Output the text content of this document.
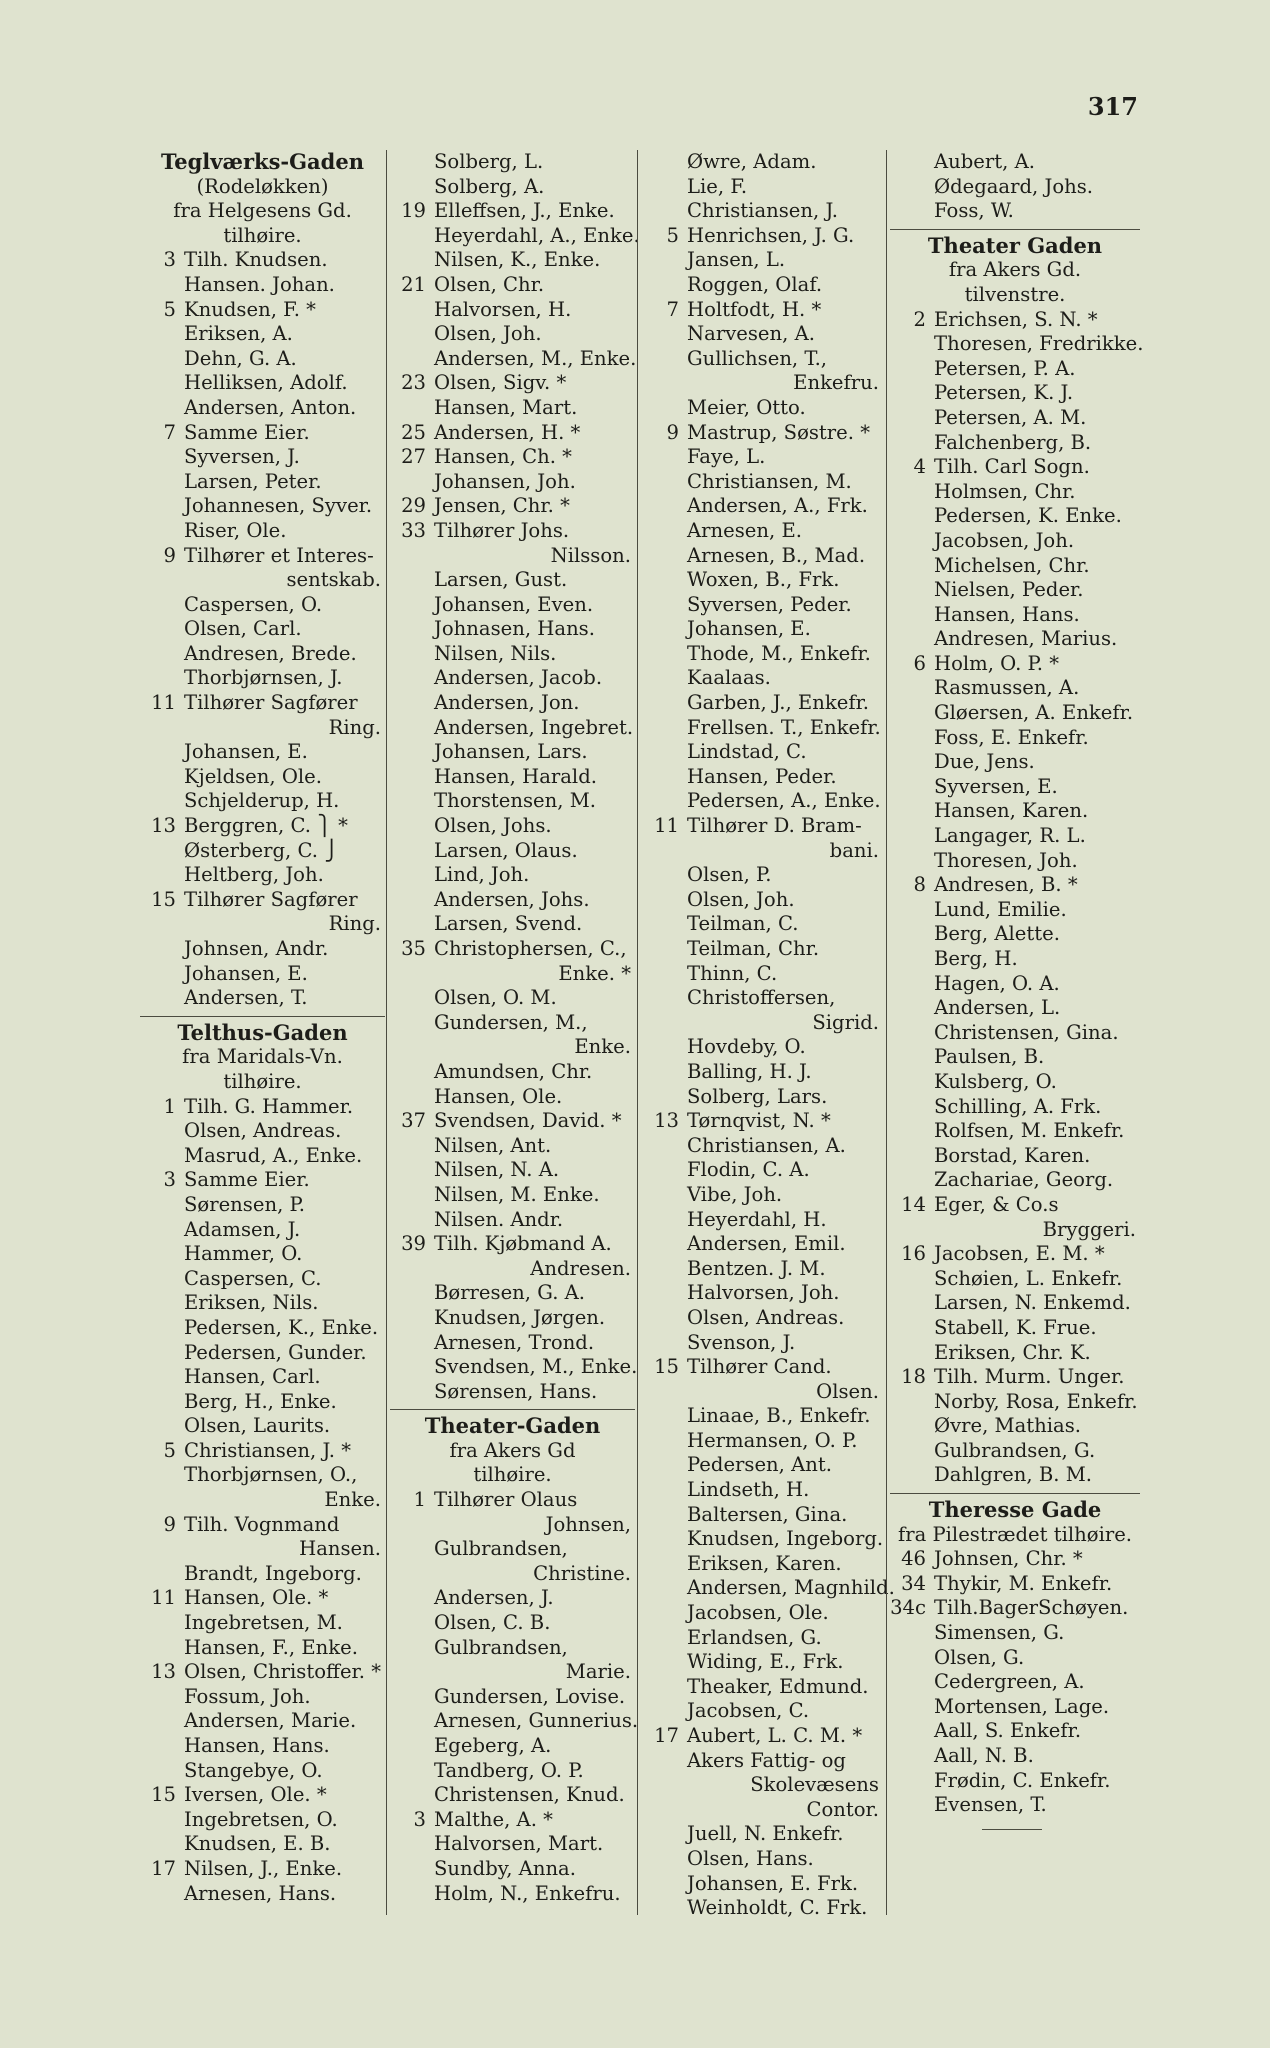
317
Teglværks-Gaden
(Rodeløkken)
fra Helgesens Gd.
tilhøire.
3 Tilh. Knudsen.
Hansen. Johan.
5 Knudsen, F. *
Eriksen, A.
Dehn, G. A.
Helliksen, Adolf.
Andersen, Anton.
7 Samme Eier.
Syversen, J.
Larsen, Peter.
Johannesen, Syver.
Riser, Ole.
9 Tilhører et Interes-
sentskab.
Caspersen, O.
Olsen, Carl.
Andresen, Brede.
Thorbjørnsen, J.
11 Tilhører Sagfører
Ring.
Johansen, E.
Kjeldsen, Ole.
Schjelderup, H.
13 Berggren, C. ⎫ *
Østerberg, C. ⎭
Heltberg, Joh.
15 Tilhører Sagfører
Ring.
Johnsen, Andr.
Johansen, E.
Andersen, T.
Telthus-Gaden
fra Maridals-Vn.
tilhøire.
1 Tilh. G. Hammer.
Olsen, Andreas.
Masrud, A., Enke.
3 Samme Eier.
Sørensen, P.
Adamsen, J.
Hammer, O.
Caspersen, C.
Eriksen, Nils.
Pedersen, K., Enke.
Pedersen, Gunder.
Hansen, Carl.
Berg, H., Enke.
Olsen, Laurits.
5 Christiansen, J. *
Thorbjørnsen, O.,
Enke.
9 Tilh. Vognmand
Hansen.
Brandt, Ingeborg.
11 Hansen, Ole. *
Ingebretsen, M.
Hansen, F., Enke.
13 Olsen, Christoffer. *
Fossum, Joh.
Andersen, Marie.
Hansen, Hans.
Stangebye, O.
15 Iversen, Ole. *
Ingebretsen, O.
Knudsen, E. B.
17 Nilsen, J., Enke.
Arnesen, Hans.
Solberg, L.
Solberg, A.
19 Elleffsen, J., Enke.
Heyerdahl, A., Enke.
Nilsen, K., Enke.
21 Olsen, Chr.
Halvorsen, H.
Olsen, Joh.
Andersen, M., Enke.
23 Olsen, Sigv. *
Hansen, Mart.
25 Andersen, H. *
27 Hansen, Ch. *
Johansen, Joh.
29 Jensen, Chr. *
33 Tilhører Johs.
Nilsson.
Larsen, Gust.
Johansen, Even.
Johnasen, Hans.
Nilsen, Nils.
Andersen, Jacob.
Andersen, Jon.
Andersen, Ingebret.
Johansen, Lars.
Hansen, Harald.
Thorstensen, M.
Olsen, Johs.
Larsen, Olaus.
Lind, Joh.
Andersen, Johs.
Larsen, Svend.
35 Christophersen, C.,
Enke. *
Olsen, O. M.
Gundersen, M.,
Enke.
Amundsen, Chr.
Hansen, Ole.
37 Svendsen, David. *
Nilsen, Ant.
Nilsen, N. A.
Nilsen, M. Enke.
Nilsen. Andr.
39 Tilh. Kjøbmand A.
Andresen.
Børresen, G. A.
Knudsen, Jørgen.
Arnesen, Trond.
Svendsen, M., Enke.
Sørensen, Hans.
Theater-Gaden
fra Akers Gd
tilhøire.
1 Tilhører Olaus
Johnsen,
Gulbrandsen,
Christine.
Andersen, J.
Olsen, C. B.
Gulbrandsen,
Marie.
Gundersen, Lovise.
Arnesen, Gunnerius.
Egeberg, A.
Tandberg, O. P.
Christensen, Knud.
3 Malthe, A. *
Halvorsen, Mart.
Sundby, Anna.
Holm, N., Enkefru.
Øwre, Adam.
Lie, F.
Christiansen, J.
5 Henrichsen, J. G.
Jansen, L.
Roggen, Olaf.
7 Holtfodt, H. *
Narvesen, A.
Gullichsen, T.,
Enkefru.
Meier, Otto.
9 Mastrup, Søstre. *
Faye, L.
Christiansen, M.
Andersen, A., Frk.
Arnesen, E.
Arnesen, B., Mad.
Woxen, B., Frk.
Syversen, Peder.
Johansen, E.
Thode, M., Enkefr.
Kaalaas.
Garben, J., Enkefr.
Frellsen. T., Enkefr.
Lindstad, C.
Hansen, Peder.
Pedersen, A., Enke.
11 Tilhører D. Bram-
bani.
Olsen, P.
Olsen, Joh.
Teilman, C.
Teilman, Chr.
Thinn, C.
Christoffersen,
Sigrid.
Hovdeby, O.
Balling, H. J.
Solberg, Lars.
13 Tørnqvist, N. *
Christiansen, A.
Flodin, C. A.
Vibe, Joh.
Heyerdahl, H.
Andersen, Emil.
Bentzen. J. M.
Halvorsen, Joh.
Olsen, Andreas.
Svenson, J.
15 Tilhører Cand.
Olsen.
Linaae, B., Enkefr.
Hermansen, O. P.
Pedersen, Ant.
Lindseth, H.
Baltersen, Gina.
Knudsen, Ingeborg.
Eriksen, Karen.
Andersen, Magnhild.
Jacobsen, Ole.
Erlandsen, G.
Widing, E., Frk.
Theaker, Edmund.
Jacobsen, C.
17 Aubert, L. C. M. *
Akers Fattig- og
Skolevæsens
Contor.
Juell, N. Enkefr.
Olsen, Hans.
Johansen, E. Frk.
Weinholdt, C. Frk.
Aubert, A.
Ødegaard, Johs.
Foss, W.
Theater Gaden
fra Akers Gd.
tilvenstre.
2 Erichsen, S. N. *
Thoresen, Fredrikke.
Petersen, P. A.
Petersen, K. J.
Petersen, A. M.
Falchenberg, B.
4 Tilh. Carl Sogn.
Holmsen, Chr.
Pedersen, K. Enke.
Jacobsen, Joh.
Michelsen, Chr.
Nielsen, Peder.
Hansen, Hans.
Andresen, Marius.
6 Holm, O. P. *
Rasmussen, A.
Gløersen, A. Enkefr.
Foss, E. Enkefr.
Due, Jens.
Syversen, E.
Hansen, Karen.
Langager, R. L.
Thoresen, Joh.
8 Andresen, B. *
Lund, Emilie.
Berg, Alette.
Berg, H.
Hagen, O. A.
Andersen, L.
Christensen, Gina.
Paulsen, B.
Kulsberg, O.
Schilling, A. Frk.
Rolfsen, M. Enkefr.
Borstad, Karen.
Zachariae, Georg.
14 Eger, & Co.s
Bryggeri.
16 Jacobsen, E. M. *
Schøien, L. Enkefr.
Larsen, N. Enkemd.
Stabell, K. Frue.
Eriksen, Chr. K.
18 Tilh. Murm. Unger.
Norby, Rosa, Enkefr.
Øvre, Mathias.
Gulbrandsen, G.
Dahlgren, B. M.
Theresse Gade
fra Pilestrædet tilhøire.
46 Johnsen, Chr. *
34 Thykir, M. Enkefr.
34c Tilh.BagerSchøyen.
Simensen, G.
Olsen, G.
Cedergreen, A.
Mortensen, Lage.
Aall, S. Enkefr.
Aall, N. B.
Frødin, C. Enkefr.
Evensen, T.
